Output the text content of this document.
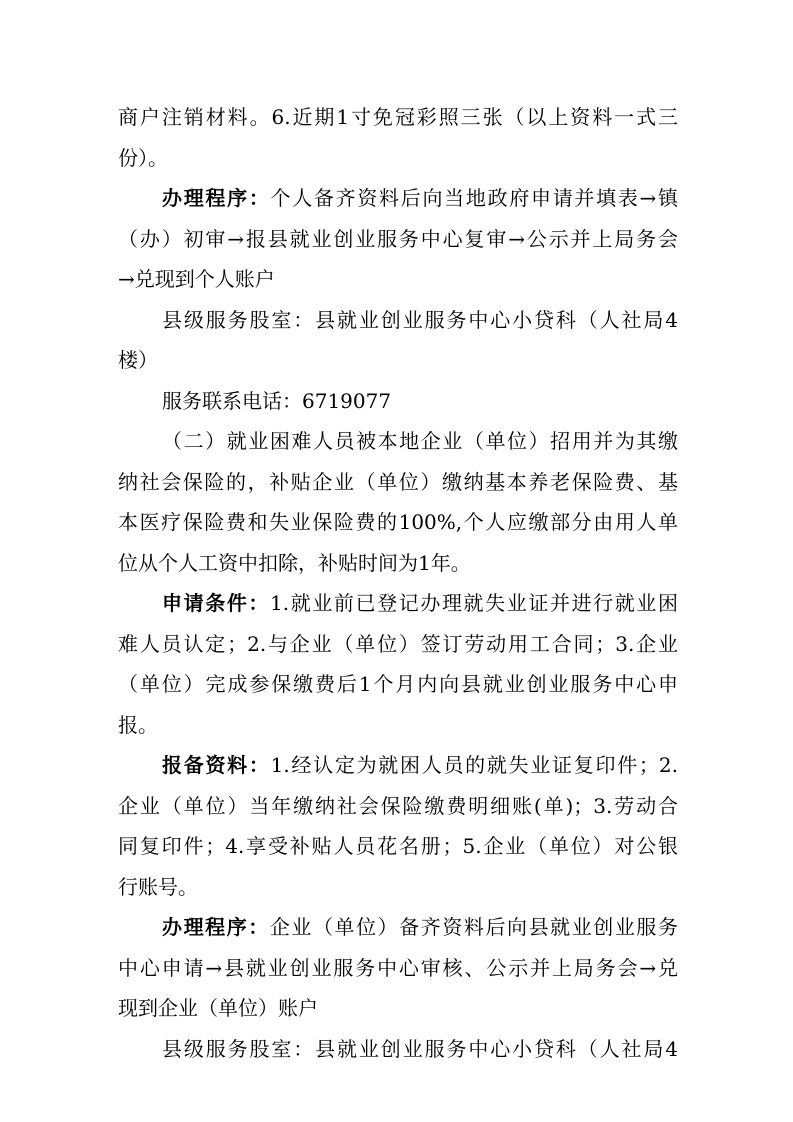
商户注销材料。6.近期1寸免冠彩照三张（以上资料一式三
份）。
办理程序：个人备齐资料后向当地政府申请并填表→镇
（办）初审→报县就业创业服务中心复审→公示并上局务会
→兑现到个人账户
县级服务股室：县就业创业服务中心小贷科（人社局4
楼）
服务联系电话：6719077
（二）就业困难人员被本地企业（单位）招用并为其缴
纳社会保险的，补贴企业（单位）缴纳基本养老保险费、基
本医疗保险费和失业保险费的100%,个人应缴部分由用人单
位从个人工资中扣除，补贴时间为1年。
申请条件：1.就业前已登记办理就失业证并进行就业困
难人员认定；2.与企业（单位）签订劳动用工合同；3.企业
（单位）完成参保缴费后1个月内向县就业创业服务中心申
报。
报备资料：1.经认定为就困人员的就失业证复印件；2.
企业（单位）当年缴纳社会保险缴费明细账(单)；3.劳动合
同复印件；4.享受补贴人员花名册；5.企业（单位）对公银
行账号。
办理程序：企业（单位）备齐资料后向县就业创业服务
中心申请→县就业创业服务中心审核、公示并上局务会→兑
现到企业（单位）账户
县级服务股室：县就业创业服务中心小贷科（人社局4
